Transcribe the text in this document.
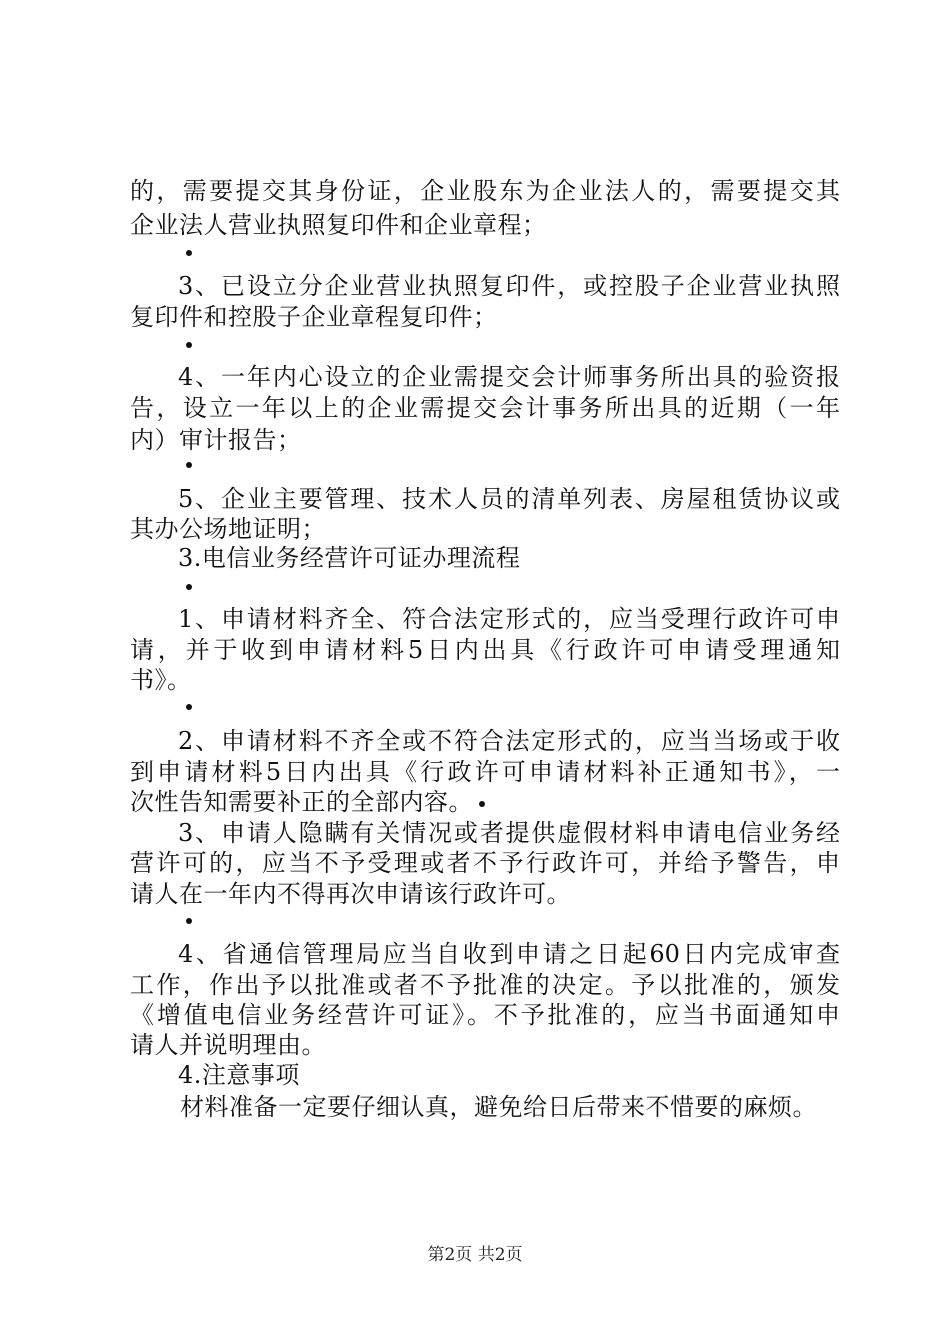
的，需要提交其身份证，企业股东为企业法人的，需要提交其
企业法人营业执照复印件和企业章程；
3、已设立分企业营业执照复印件，或控股子企业营业执照
复印件和控股子企业章程复印件；
4、一年内心设立的企业需提交会计师事务所出具的验资报
告，设立一年以上的企业需提交会计事务所出具的近期（一年
内）审计报告；
5、企业主要管理、技术人员的清单列表、房屋租赁协议或
其办公场地证明；
3.电信业务经营许可证办理流程
1、申请材料齐全、符合法定形式的，应当受理行政许可申
请，并于收到申请材料5日内出具《行政许可申请受理通知
书》。
2、申请材料不齐全或不符合法定形式的，应当当场或于收
到申请材料5日内出具《行政许可申请材料补正通知书》，一
次性告知需要补正的全部内容。
3、申请人隐瞒有关情况或者提供虚假材料申请电信业务经
营许可的，应当不予受理或者不予行政许可，并给予警告，申
请人在一年内不得再次申请该行政许可。
4、省通信管理局应当自收到申请之日起60日内完成审查
工作，作出予以批准或者不予批准的决定。予以批准的，颁发
《增值电信业务经营许可证》。不予批准的，应当书面通知申
请人并说明理由。
4.注意事项
材料准备一定要仔细认真，避免给日后带来不惜要的麻烦。
第2页 共2页
